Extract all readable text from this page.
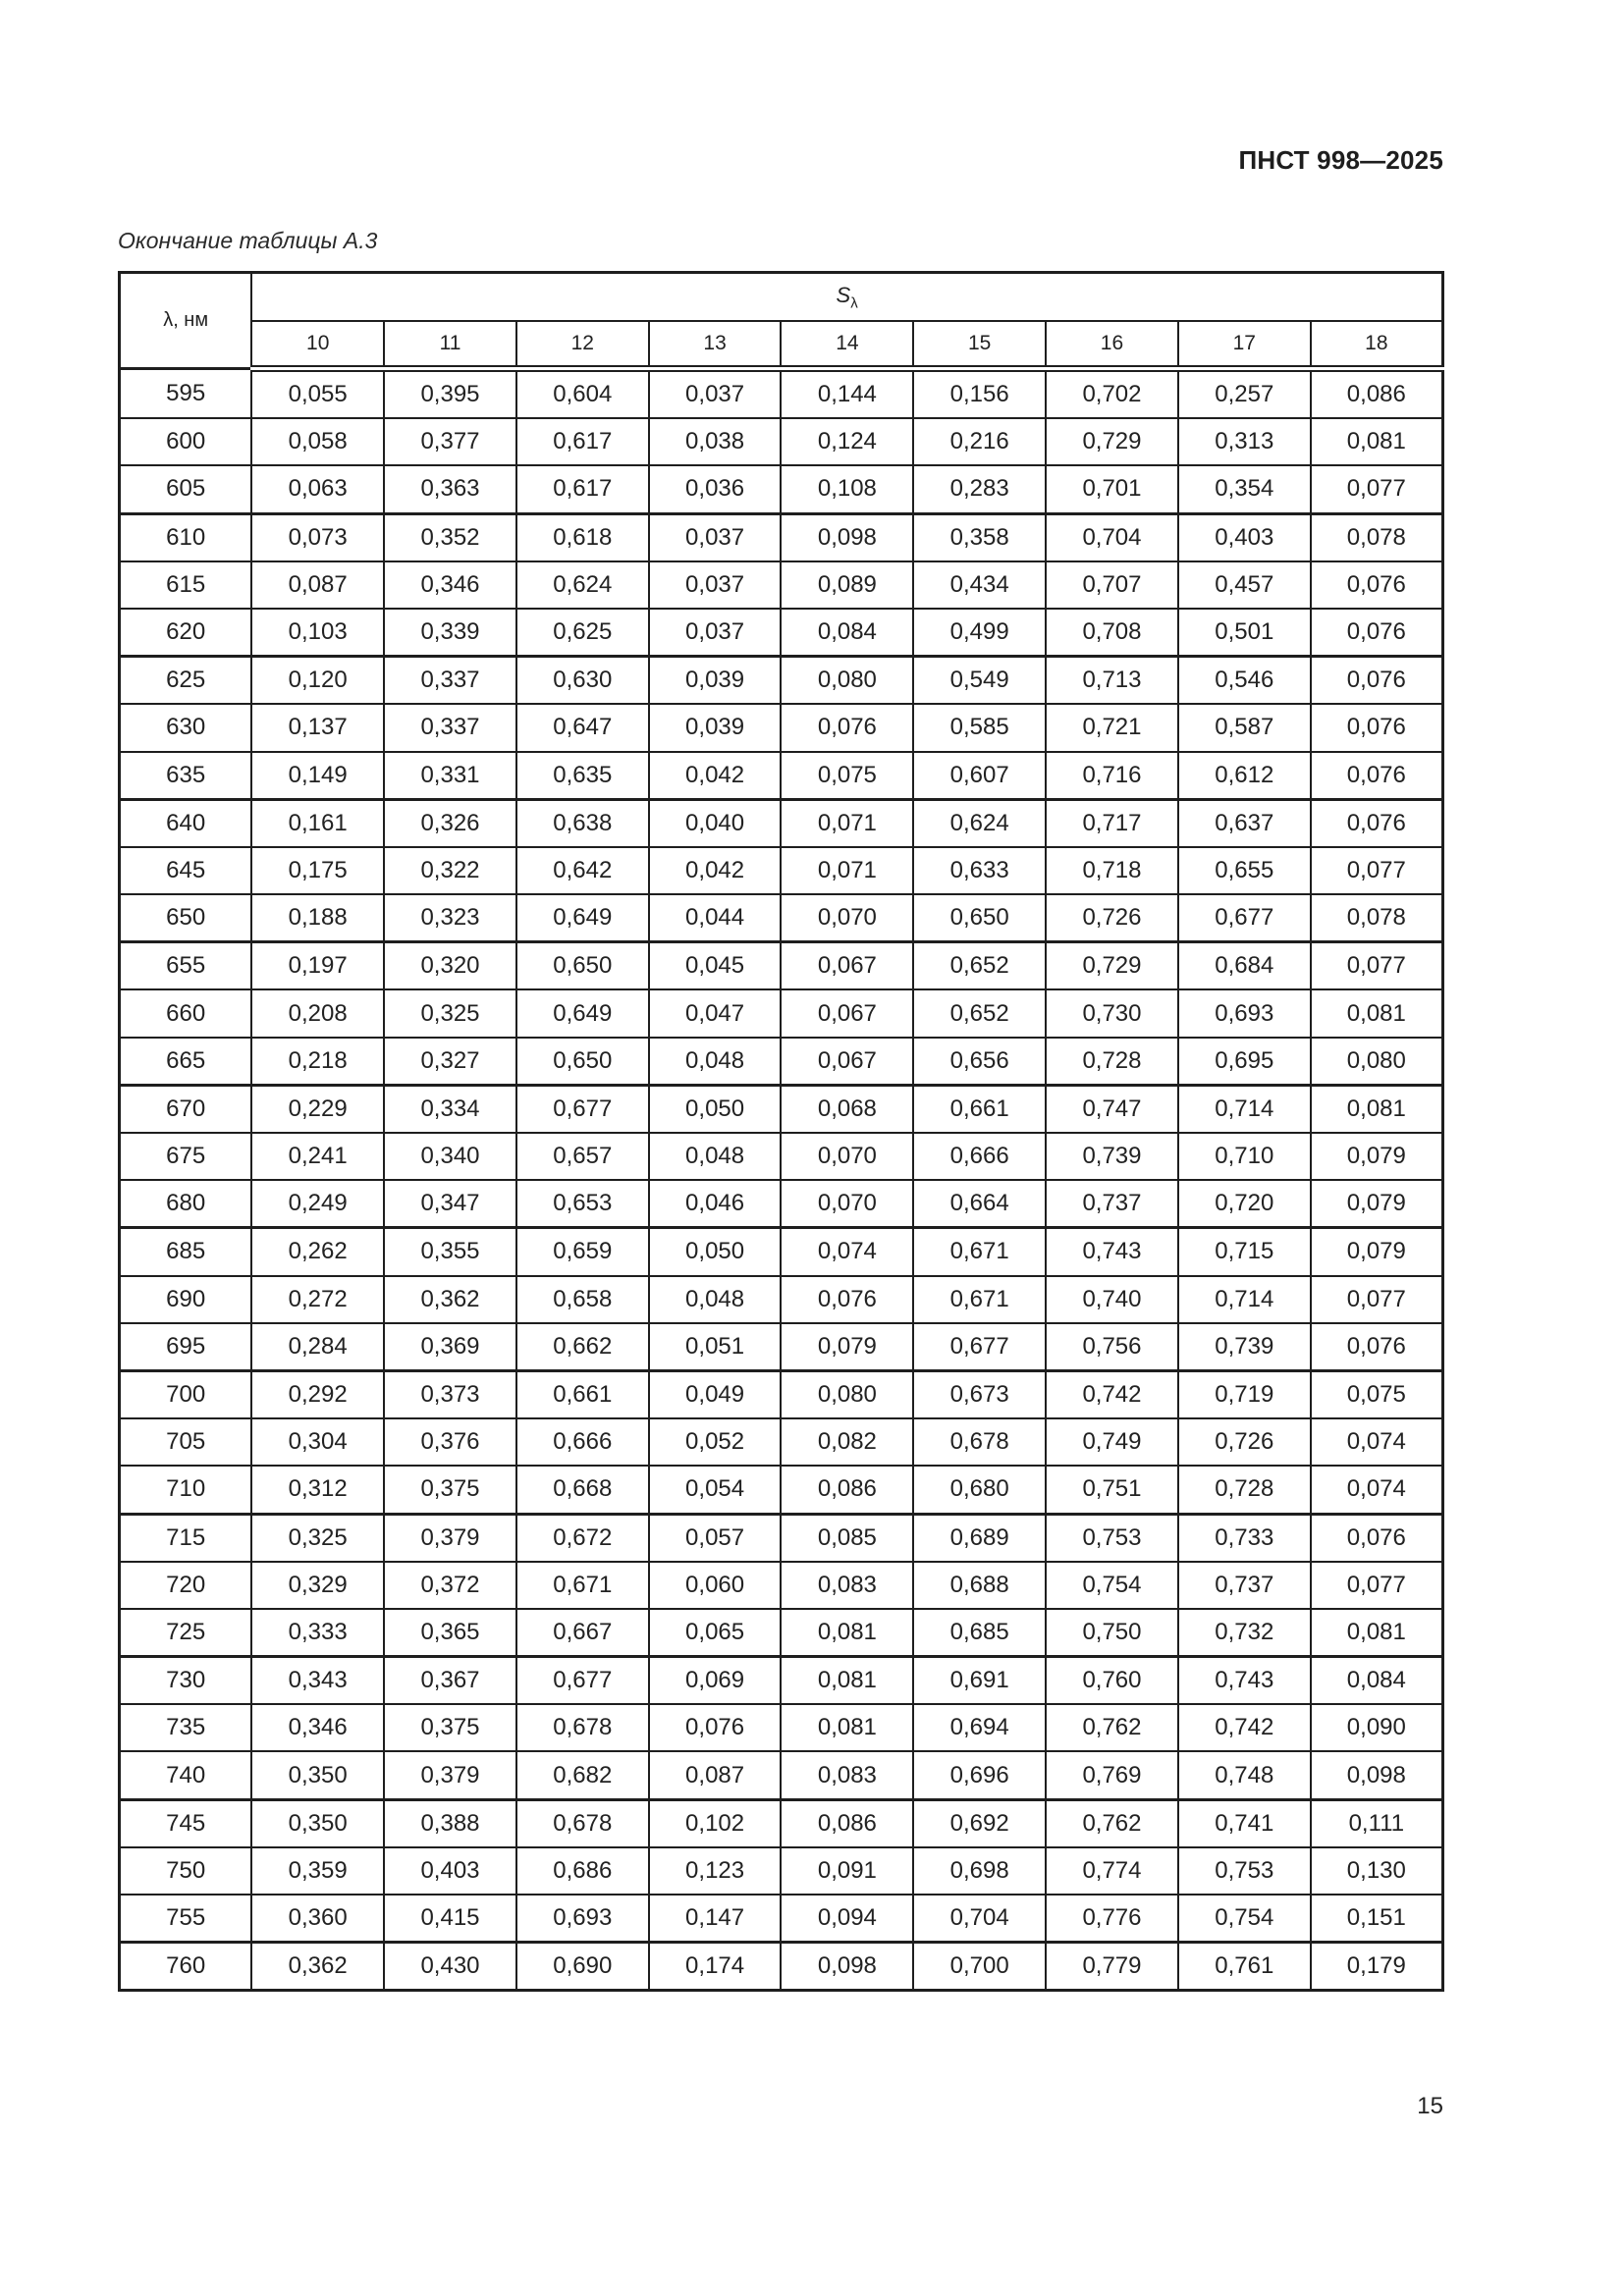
ПНСТ 998—2025
Окончание таблицы А.3
λ, нм	$S_\lambda$
	10	11	12	13	14	15	16	17	18
595	0,055	0,395	0,604	0,037	0,144	0,156	0,702	0,257	0,086
600	0,058	0,377	0,617	0,038	0,124	0,216	0,729	0,313	0,081
605	0,063	0,363	0,617	0,036	0,108	0,283	0,701	0,354	0,077
610	0,073	0,352	0,618	0,037	0,098	0,358	0,704	0,403	0,078
615	0,087	0,346	0,624	0,037	0,089	0,434	0,707	0,457	0,076
620	0,103	0,339	0,625	0,037	0,084	0,499	0,708	0,501	0,076
625	0,120	0,337	0,630	0,039	0,080	0,549	0,713	0,546	0,076
630	0,137	0,337	0,647	0,039	0,076	0,585	0,721	0,587	0,076
635	0,149	0,331	0,635	0,042	0,075	0,607	0,716	0,612	0,076
640	0,161	0,326	0,638	0,040	0,071	0,624	0,717	0,637	0,076
645	0,175	0,322	0,642	0,042	0,071	0,633	0,718	0,655	0,077
650	0,188	0,323	0,649	0,044	0,070	0,650	0,726	0,677	0,078
655	0,197	0,320	0,650	0,045	0,067	0,652	0,729	0,684	0,077
660	0,208	0,325	0,649	0,047	0,067	0,652	0,730	0,693	0,081
665	0,218	0,327	0,650	0,048	0,067	0,656	0,728	0,695	0,080
670	0,229	0,334	0,677	0,050	0,068	0,661	0,747	0,714	0,081
675	0,241	0,340	0,657	0,048	0,070	0,666	0,739	0,710	0,079
680	0,249	0,347	0,653	0,046	0,070	0,664	0,737	0,720	0,079
685	0,262	0,355	0,659	0,050	0,074	0,671	0,743	0,715	0,079
690	0,272	0,362	0,658	0,048	0,076	0,671	0,740	0,714	0,077
695	0,284	0,369	0,662	0,051	0,079	0,677	0,756	0,739	0,076
700	0,292	0,373	0,661	0,049	0,080	0,673	0,742	0,719	0,075
705	0,304	0,376	0,666	0,052	0,082	0,678	0,749	0,726	0,074
710	0,312	0,375	0,668	0,054	0,086	0,680	0,751	0,728	0,074
715	0,325	0,379	0,672	0,057	0,085	0,689	0,753	0,733	0,076
720	0,329	0,372	0,671	0,060	0,083	0,688	0,754	0,737	0,077
725	0,333	0,365	0,667	0,065	0,081	0,685	0,750	0,732	0,081
730	0,343	0,367	0,677	0,069	0,081	0,691	0,760	0,743	0,084
735	0,346	0,375	0,678	0,076	0,081	0,694	0,762	0,742	0,090
740	0,350	0,379	0,682	0,087	0,083	0,696	0,769	0,748	0,098
745	0,350	0,388	0,678	0,102	0,086	0,692	0,762	0,741	0,111
750	0,359	0,403	0,686	0,123	0,091	0,698	0,774	0,753	0,130
755	0,360	0,415	0,693	0,147	0,094	0,704	0,776	0,754	0,151
760	0,362	0,430	0,690	0,174	0,098	0,700	0,779	0,761	0,179
15
